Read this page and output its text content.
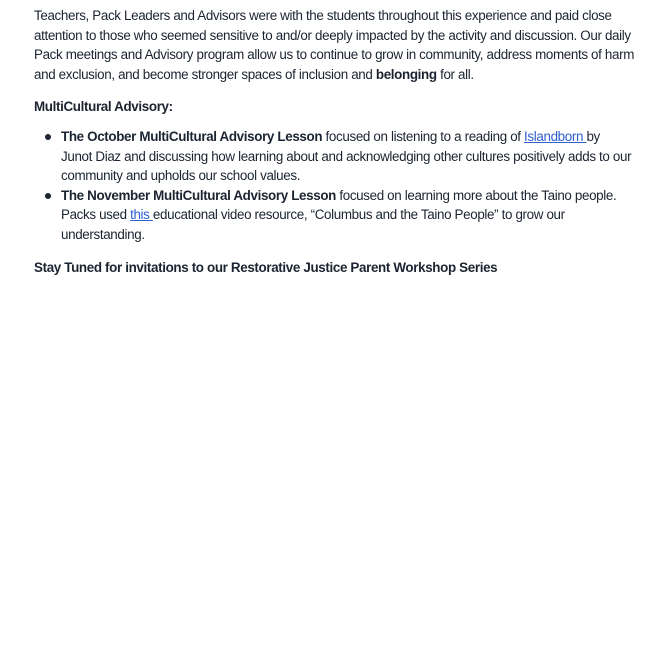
Teachers, Pack Leaders and Advisors were with the students throughout this experience and paid close attention to those who seemed sensitive to and/or deeply impacted by the activity and discussion. Our daily Pack meetings and Advisory program allow us to continue to grow in community, address moments of harm and exclusion, and become stronger spaces of inclusion and belonging for all.

MultiCultural Advisory:
The October MultiCultural Advisory Lesson focused on listening to a reading of Islandborn by Junot Diaz and discussing how learning about and acknowledging other cultures positively adds to our community and upholds our school values.
The November MultiCultural Advisory Lesson focused on learning more about the Taino people. Packs used this educational video resource, “Columbus and the Taino People” to grow our understanding.
Stay Tuned for invitations to our Restorative Justice Parent Workshop Series
